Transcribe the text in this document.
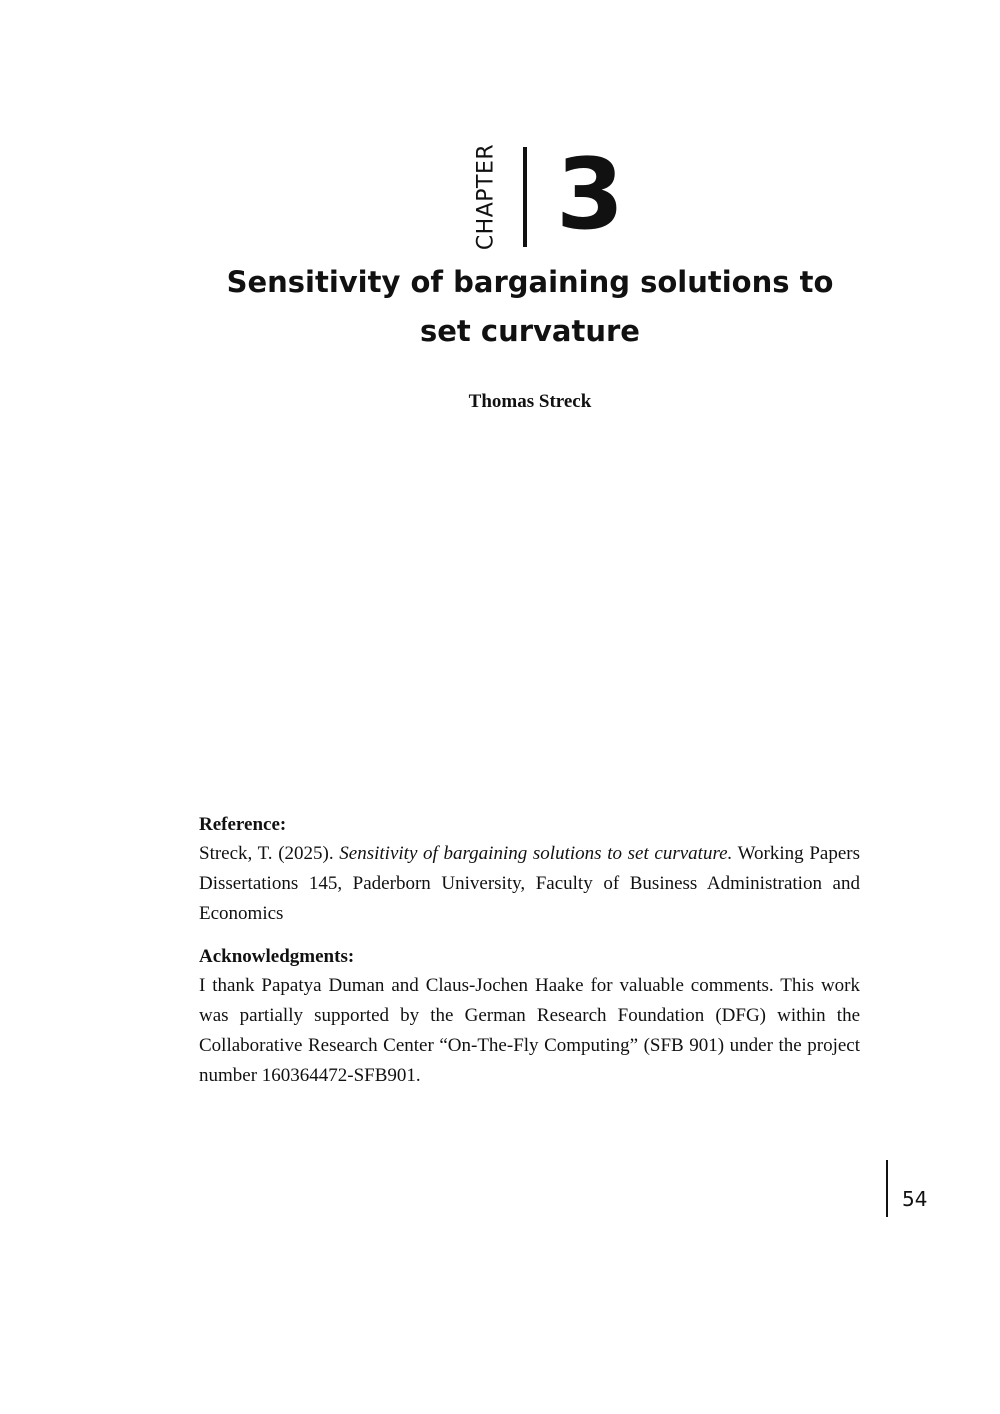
CHAPTER 3
Sensitivity of bargaining solutions to set curvature
Thomas Streck

Reference:

Streck, T. (2025). Sensitivity of bargaining solutions to set curvature. Working Papers Dissertations 145, Paderborn University, Faculty of Business Administration and Economics

Acknowledgments:

I thank Papatya Duman and Claus-Jochen Haake for valuable comments. This work was partially supported by the German Research Foundation (DFG) within the Collaborative Research Center “On-The-Fly Computing” (SFB 901) under the project number 160364472-SFB901.

54
